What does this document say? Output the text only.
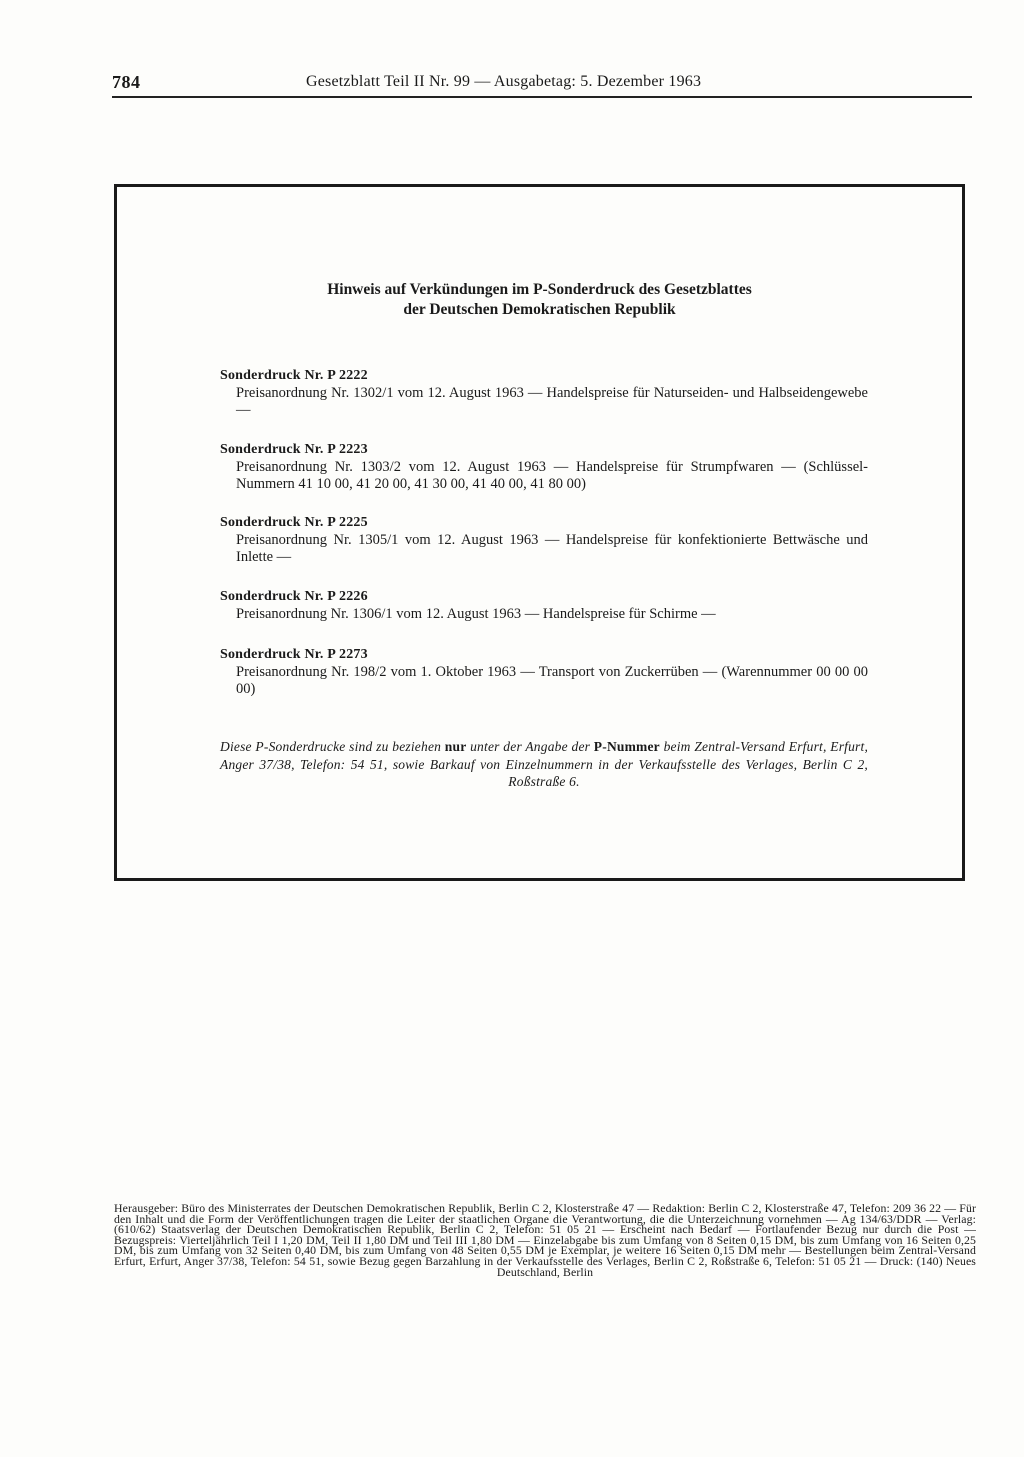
784	Gesetzblatt Teil II Nr. 99 — Ausgabetag: 5. Dezember 1963
Hinweis auf Verkündungen im P-Sonderdruck des Gesetzblattes
der Deutschen Demokratischen Republik
Sonderdruck Nr. P 2222
Preisanordnung Nr. 1302/1 vom 12. August 1963 — Handelspreise für Naturseiden- und Halbseidengewebe —
Sonderdruck Nr. P 2223
Preisanordnung Nr. 1303/2 vom 12. August 1963 — Handelspreise für Strumpfwaren — (Schlüssel-Nummern 41 10 00, 41 20 00, 41 30 00, 41 40 00, 41 80 00)
Sonderdruck Nr. P 2225
Preisanordnung Nr. 1305/1 vom 12. August 1963 — Handelspreise für konfektionierte Bettwäsche und Inlette —
Sonderdruck Nr. P 2226
Preisanordnung Nr. 1306/1 vom 12. August 1963 — Handelspreise für Schirme —
Sonderdruck Nr. P 2273
Preisanordnung Nr. 198/2 vom 1. Oktober 1963 — Transport von Zuckerrüben — (Warennummer 00 00 00 00)
Diese P-Sonderdrucke sind zu beziehen nur unter der Angabe der P-Nummer beim Zentral-Versand Erfurt, Erfurt, Anger 37/38, Telefon: 54 51, sowie Barkauf von Einzelnummern in der Verkaufsstelle des Verlages, Berlin C 2, Roßstraße 6.
Herausgeber: Büro des Ministerrates der Deutschen Demokratischen Republik, Berlin C 2, Klosterstraße 47 — Redaktion: Berlin C 2, Klosterstraße 47, Telefon: 209 36 22 — Für den Inhalt und die Form der Veröffentlichungen tragen die Leiter der staatlichen Organe die Verantwortung, die die Unterzeichnung vornehmen — Ag 134/63/DDR — Verlag: (610/62) Staatsverlag der Deutschen Demokratischen Republik, Berlin C 2, Telefon: 51 05 21 — Erscheint nach Bedarf — Fortlaufender Bezug nur durch die Post — Bezugspreis: Vierteljährlich Teil I 1,20 DM, Teil II 1,80 DM und Teil III 1,80 DM — Einzelabgabe bis zum Umfang von 8 Seiten 0,15 DM, bis zum Umfang von 16 Seiten 0,25 DM, bis zum Umfang von 32 Seiten 0,40 DM, bis zum Umfang von 48 Seiten 0,55 DM je Exemplar, je weitere 16 Seiten 0,15 DM mehr — Bestellungen beim Zentral-Versand Erfurt, Erfurt, Anger 37/38, Telefon: 54 51, sowie Bezug gegen Barzahlung in der Verkaufsstelle des Verlages, Berlin C 2, Roßstraße 6, Telefon: 51 05 21 — Druck: (140) Neues Deutschland, Berlin
